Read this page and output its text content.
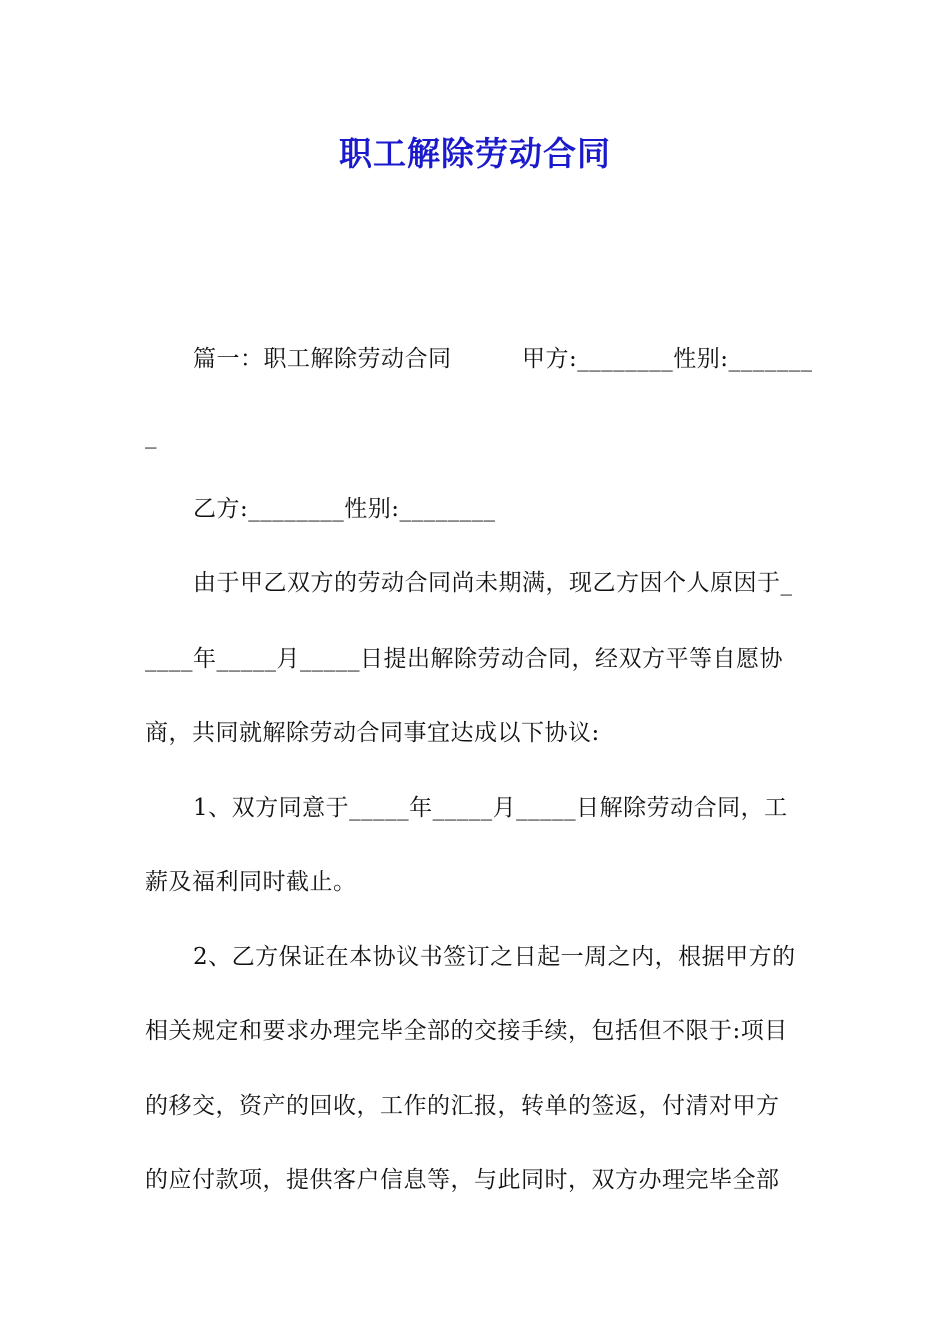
职工解除劳动合同
篇一：职工解除劳动合同　　　甲方:________性别:_______
_
乙方:________性别:________
由于甲乙双方的劳动合同尚未期满，现乙方因个人原因于_
____年_____月_____日提出解除劳动合同，经双方平等自愿协
商，共同就解除劳动合同事宜达成以下协议:
1、双方同意于_____年_____月_____日解除劳动合同，工
薪及福利同时截止。
2、乙方保证在本协议书签订之日起一周之内，根据甲方的
相关规定和要求办理完毕全部的交接手续，包括但不限于:项目
的移交，资产的回收，工作的汇报，转单的签返，付清对甲方
的应付款项，提供客户信息等，与此同时，双方办理完毕全部
